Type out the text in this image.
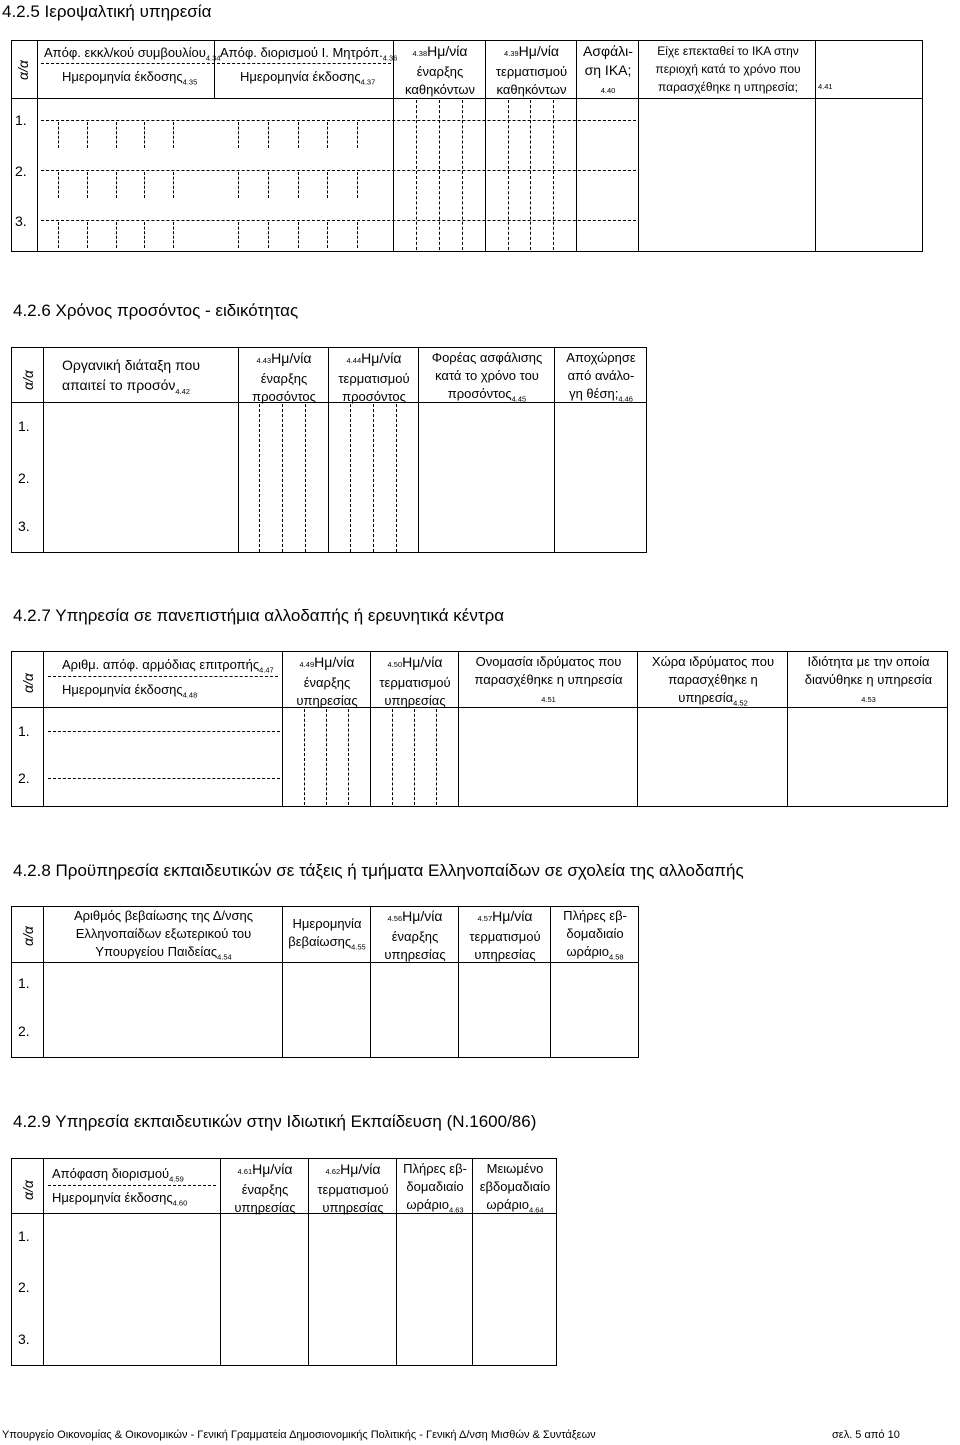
4.2.5 Ιεροψαλτική υπηρεσία
α/α
Απόφ. εκκλ/κού συμβουλίου$_{4.34}$
Ημερομηνία έκδοσης$_{4.35}$
Απόφ. διορισμού Ι. $M\eta\tau\rho ό\pi._{4.36}$
Ημερομηνία έκδοσης$_{4.37}$
4.38Ημ/νία
έναρξης
καθηκόντων
4.39Ημ/νία
τερματισμού
καθηκόντων
Ασφάλι-
ση ΙΚΑ;
4.40
Είχε επεκταθεί το ΙΚΑ στην
περιοχή κατά το χρόνο που
παρασχέθηκε η υπηρεσία;	4.41
1.
2.
3.
4.2.6 Χρόνος προσόντος - ειδικότητας
α/α
Οργανική διάταξη που
απαιτεί το προσόν$_{4.42}$
4.43Ημ/νία
έναρξης
προσόντος
4.44Ημ/νία
τερματισμού
προσόντος
Φορέας ασφάλισης
κατά το χρόνο του
προσόντος$_{4.45}$
Αποχώρησε
από ανάλο-
γη $\theta έ\sigma\eta;_{4.46}$
1.
2.
3.
4.2.7 Υπηρεσία σε πανεπιστήμια αλλοδαπής ή ερευνητικά κέντρα
α/α
Αριθμ. απόφ. αρμόδιας επιτροπής$_{4.47}$
Ημερομηνία έκδοσης$_{4.48}$
4.49Ημ/νία
έναρξης
υπηρεσίας
4.50Ημ/νία
τερματισμού
υπηρεσίας
Ονομασία ιδρύματος που
παρασχέθηκε η υπηρεσία
4.51
Χώρα ιδρύματος που
παρασχέθηκε η
υπηρεσία$_{4.52}$
Ιδιότητα με την οποία
διανύθηκε η υπηρεσία
4.53
1.
2.
4.2.8 Προϋπηρεσία εκπαιδευτικών σε τάξεις ή τμήματα Ελληνοπαίδων σε σχολεία της αλλοδαπής
α/α
Αριθμός βεβαίωσης της Δ/νσης
Ελληνοπαίδων εξωτερικού του
Υπουργείου Παιδείας$_{4.54}$
Ημερομηνία
βεβαίωσης$_{4.55}$
4.56Ημ/νία
έναρξης
υπηρεσίας
4.57Ημ/νία
τερματισμού
υπηρεσίας
Πλήρες εβ-
δομαδιαίο
ωράριο$_{4.58}$
1.
2.
4.2.9 Υπηρεσία εκπαιδευτικών στην Ιδιωτική Εκπαίδευση (Ν.1600/86)
α/α
Απόφαση διορισμού$_{4.59}$
Ημερομηνία έκδοσης$_{4.60}$
4.61Ημ/νία
έναρξης
υπηρεσίας
4.62Ημ/νία
τερματισμού
υπηρεσίας
Πλήρες εβ-
δομαδιαίο
ωράριο$_{4.63}$
Μειωμένο
εβδομαδιαίο
ωράριο$_{4.64}$
1.
2.
3.
Υπουργείο Οικονομίας & Οικονομικών - Γενική Γραμματεία Δημοσιονομικής Πολιτικής - Γενική Δ/νση Μισθών & Συντάξεων	σελ. 5 από 10
